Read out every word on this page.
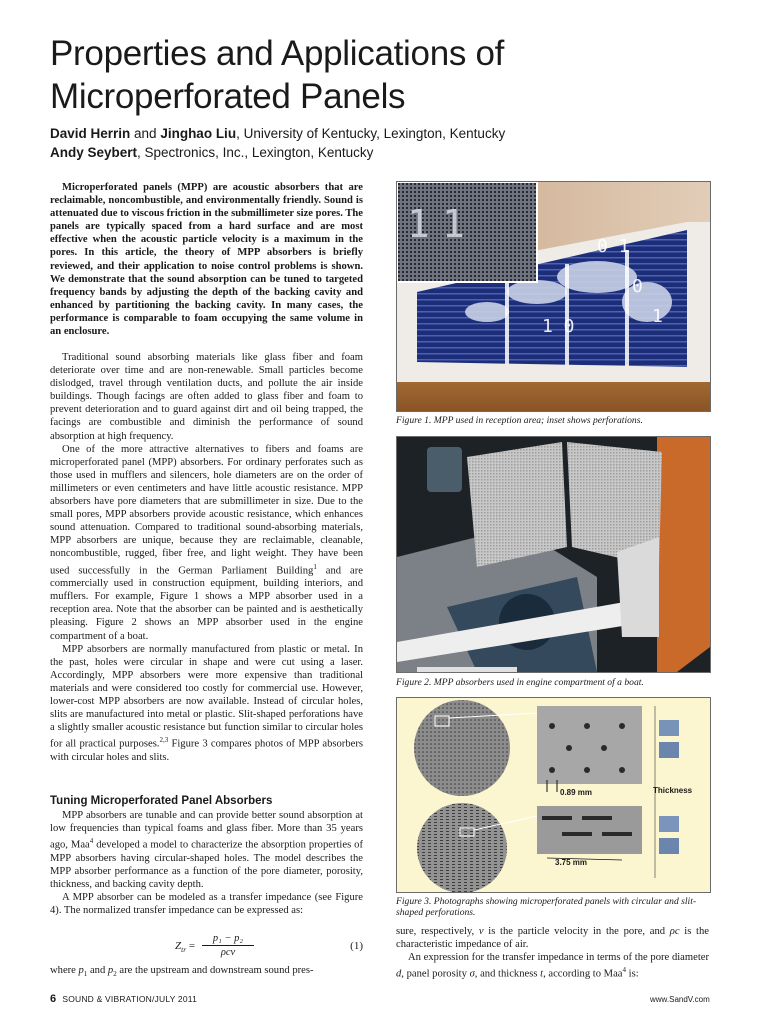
Properties and Applications of
Microperforated Panels
David Herrin and Jinghao Liu, University of Kentucky, Lexington, Kentucky
Andy Seybert, Spectronics, Inc., Lexington, Kentucky
Microperforated panels (MPP) are acoustic absorbers that are reclaimable, noncombustible, and environmentally friendly. Sound is attenuated due to viscous friction in the submillimeter size pores. The panels are typically spaced from a hard surface and are most effective when the acoustic particle velocity is a maximum in the pores. In this article, the theory of MPP absorbers is briefly reviewed, and their application to noise control problems is shown. We demonstrate that the sound absorption can be tuned to targeted frequency bands by adjusting the depth of the backing cavity and enhanced by partitioning the backing cavity. In many cases, the performance is comparable to foam occupying the same volume in an enclosure.

Traditional sound absorbing materials like glass fiber and foam deteriorate over time and are non-renewable. Small particles become dislodged, travel through ventilation ducts, and pollute the air inside buildings. Though facings are often added to glass fiber and foam to prevent deterioration and to guard against dirt and oil being trapped, the facings are combustible and diminish the performance of sound absorption at high frequency.

One of the more attractive alternatives to fibers and foams are microperforated panel (MPP) absorbers. For ordinary perforates such as those used in mufflers and silencers, hole diameters are on the order of millimeters or even centimeters and have little acoustic resistance. MPP absorbers have pore diameters that are submillimeter in size. Due to the small pores, MPP absorbers provide acoustic resistance, which enhances sound attenuation. Compared to traditional sound-absorbing materials, MPP absorbers are unique, because they are reclaimable, cleanable, noncombustible, rugged, fiber free, and light weight. They have been used successfully in the German Parliament Building$^1$ and are commercially used in construction equipment, building interiors, and mufflers. For example, Figure 1 shows a MPP absorber used in a reception area. Note that the absorber can be painted and is aesthetically pleasing. Figure 2 shows an MPP absorber used in the engine compartment of a boat.

MPP absorbers are normally manufactured from plastic or metal. In the past, holes were circular in shape and were cut using a laser. Accordingly, MPP absorbers were more expensive than traditional materials and were considered too costly for commercial use. However, lower-cost MPP absorbers are now available. Instead of circular holes, slits are manufactured into metal or plastic. Slit-shaped perforations have a slightly smaller acoustic resistance but function similar to circular holes for all practical purposes.$^{2,3}$ Figure 3 compares photos of MPP absorbers with circular holes and slits.

Tuning Microperforated Panel Absorbers

MPP absorbers are tunable and can provide better sound absorption at low frequencies than typical foams and glass fiber. More than 35 years ago, Maa$^4$ developed a model to characterize the absorption properties of MPP absorbers having circular-shaped holes. The model describes the MPP absorber performance as a function of the pore diameter, porosity, thickness, and backing cavity depth.

A MPP absorber can be modeled as a transfer impedance (see Figure 4). The normalized transfer impedance can be expressed as:

$Z_{tr}$ =
p₁ − p₂
ρcv
(1)

where $p_1$ and $p_2$ are the upstream and downstream sound pres-

0 1
0
1
1 0
1 1
Figure 1. MPP used in reception area; inset shows perforations.
Figure 2. MPP absorbers used in engine compartment of a boat.
0.89 mm
3.75 mm
Thickness
Figure 3. Photographs showing microperforated panels with circular and slit-shaped perforations.

sure, respectively, v is the particle velocity in the pore, and ρc is the characteristic impedance of air.

An expression for the transfer impedance in terms of the pore diameter d, panel porosity σ, and thickness t, according to Maa$^4$ is:

6 SOUND & VIBRATION/JULY 2011	www.SandV.com
